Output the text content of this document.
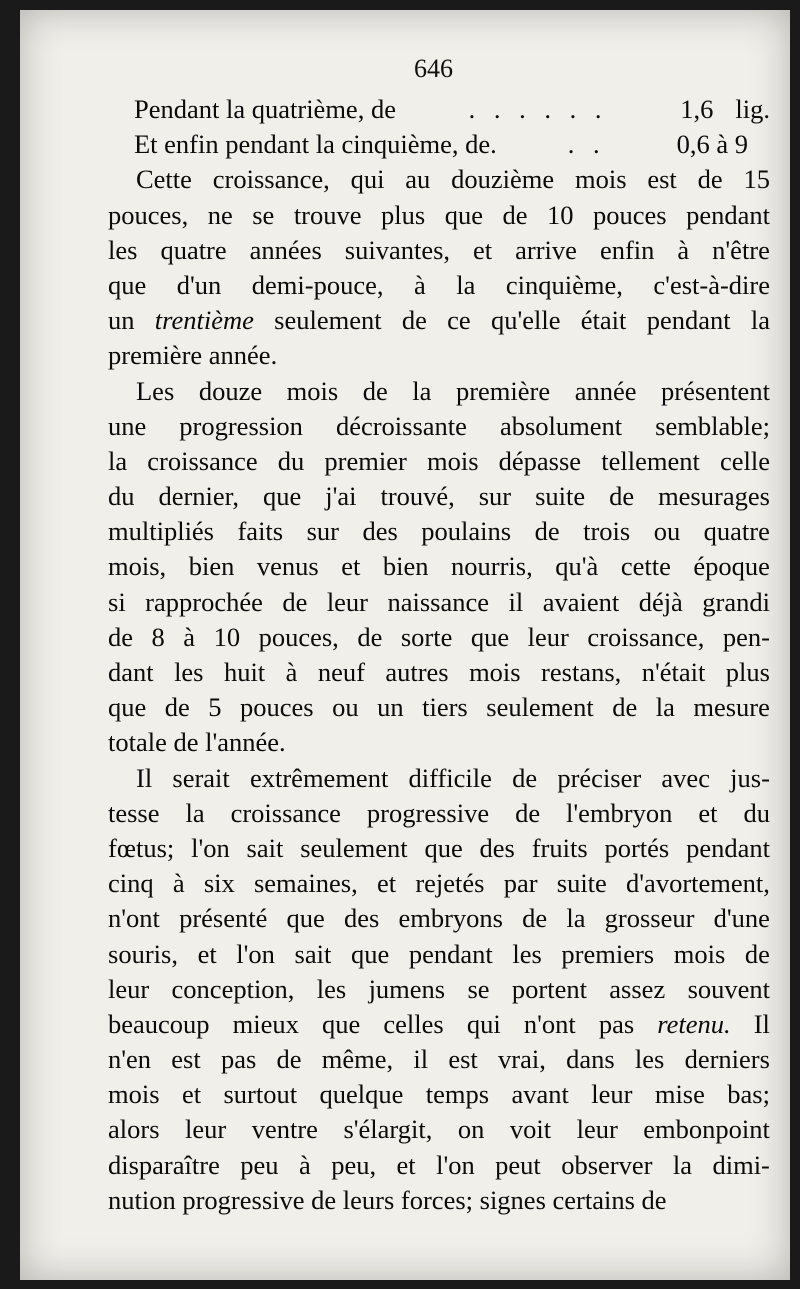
646
Pendant la quatrième, de	. . . . . .	1,6 lig.
Et enfin pendant la cinquième, de.	. .	0,6 à 9
Cette croissance, qui au douzième mois est de 15
pouces, ne se trouve plus que de 10 pouces pendant
les quatre années suivantes, et arrive enfin à n'être
que d'un demi-pouce, à la cinquième, c'est-à-dire
un trentième seulement de ce qu'elle était pendant la
première année.
Les douze mois de la première année présentent
une progression décroissante absolument semblable;
la croissance du premier mois dépasse tellement celle
du dernier, que j'ai trouvé, sur suite de mesurages
multipliés faits sur des poulains de trois ou quatre
mois, bien venus et bien nourris, qu'à cette époque
si rapprochée de leur naissance il avaient déjà grandi
de 8 à 10 pouces, de sorte que leur croissance, pen-
dant les huit à neuf autres mois restans, n'était plus
que de 5 pouces ou un tiers seulement de la mesure
totale de l'année.
Il serait extrêmement difficile de préciser avec jus-
tesse la croissance progressive de l'embryon et du
fœtus; l'on sait seulement que des fruits portés pendant
cinq à six semaines, et rejetés par suite d'avortement,
n'ont présenté que des embryons de la grosseur d'une
souris, et l'on sait que pendant les premiers mois de
leur conception, les jumens se portent assez souvent
beaucoup mieux que celles qui n'ont pas retenu. Il
n'en est pas de même, il est vrai, dans les derniers
mois et surtout quelque temps avant leur mise bas;
alors leur ventre s'élargit, on voit leur embonpoint
disparaître peu à peu, et l'on peut observer la dimi-
nution progressive de leurs forces; signes certains de
